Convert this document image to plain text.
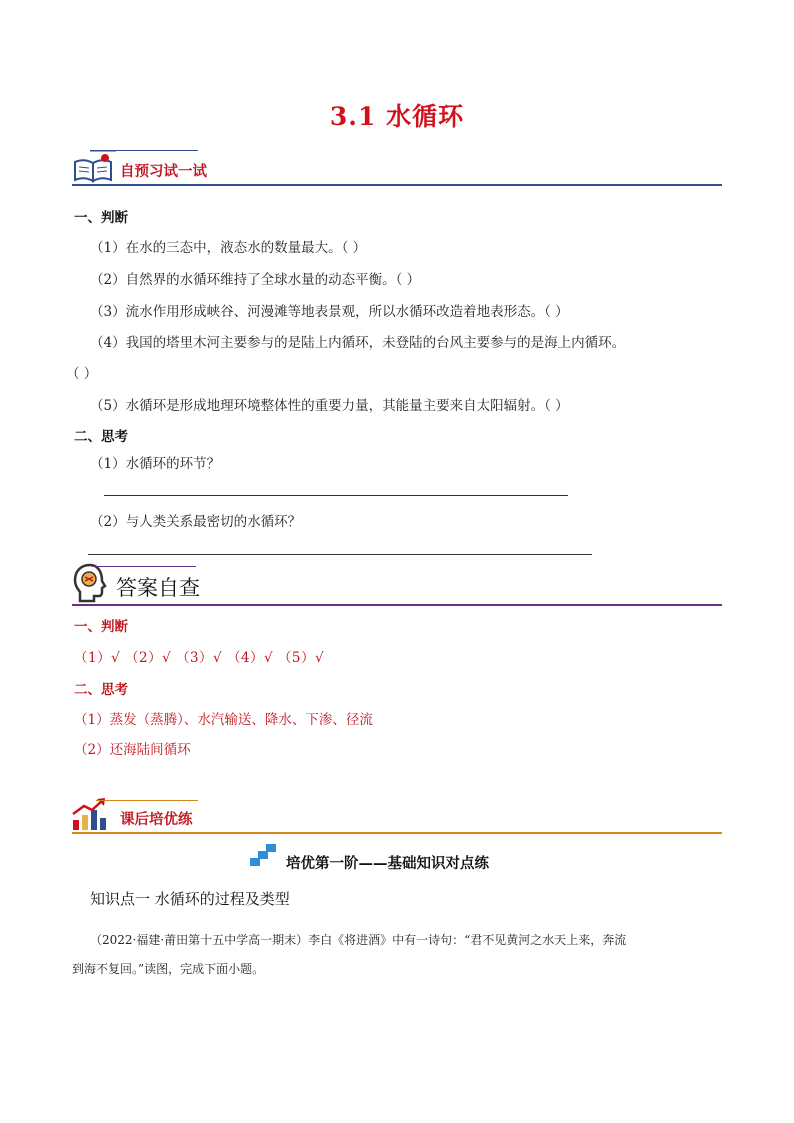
3.1 水循环
自预习试一试
一、判断
（1）在水的三态中，液态水的数量最大。（ ）
（2）自然界的水循环维持了全球水量的动态平衡。（ ）
（3）流水作用形成峡谷、河漫滩等地表景观，所以水循环改造着地表形态。（ ）
（4）我国的塔里木河主要参与的是陆上内循环，未登陆的台风主要参与的是海上内循环。
（ ）
（5）水循环是形成地理环境整体性的重要力量，其能量主要来自太阳辐射。（ ）
二、思考
（1）水循环的环节？
（2）与人类关系最密切的水循环？
答案自查
一、判断
（1）√ （2）√ （3）√ （4）√ （5）√
二、思考
（1）蒸发（蒸腾）、水汽输送、降水、下渗、径流
（2）还海陆间循环
课后培优练
培优第一阶——基础知识对点练
知识点一 水循环的过程及类型
（2022·福建·莆田第十五中学高一期末）李白《将进酒》中有一诗句：“君不见黄河之水天上来，奔流
到海不复回。”读图，完成下面小题。
